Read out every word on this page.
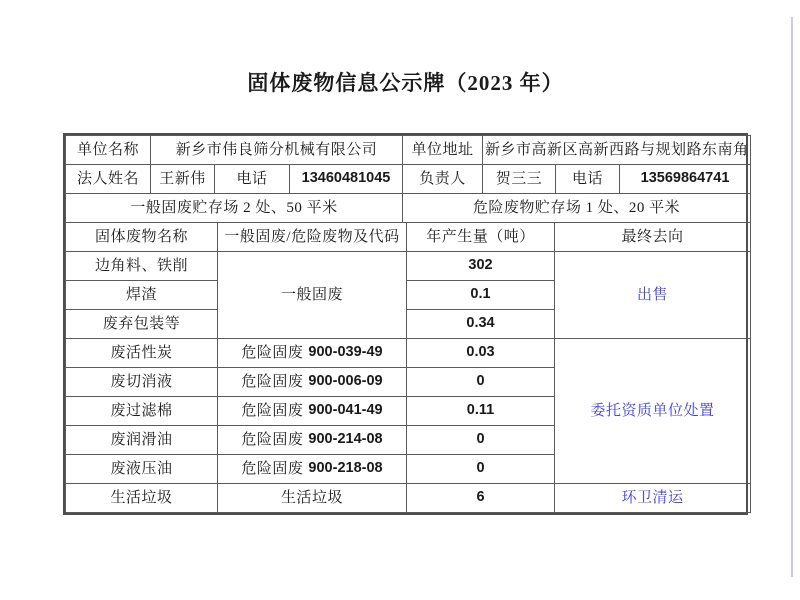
固体废物信息公示牌（2023 年）
单位名称	新乡市伟良筛分机械有限公司			单位地址	新乡市高新区高新西路与规划路东南角		
法人姓名	王新伟	电话	13460481045	负责人	贺三三	电话	13569864741
一般固废贮存场 2 处、50 平米	危险废物贮存场 1 处、20 平米
固体废物名称	一般固废/危险废物及代码	年产生量（吨）	最终去向
边角料、铁削	一般固废	302	出售
焊渣		0.1	
废弃包装等		0.34	
废活性炭	危险固废 900-039-49	0.03	委托资质单位处置
废切消液	危险固废 900-006-09	0	
废过滤棉	危险固废 900-041-49	0.11	
废润滑油	危险固废 900-214-08	0	
废液压油	危险固废 900-218-08	0	
生活垃圾	生活垃圾	6	环卫清运
